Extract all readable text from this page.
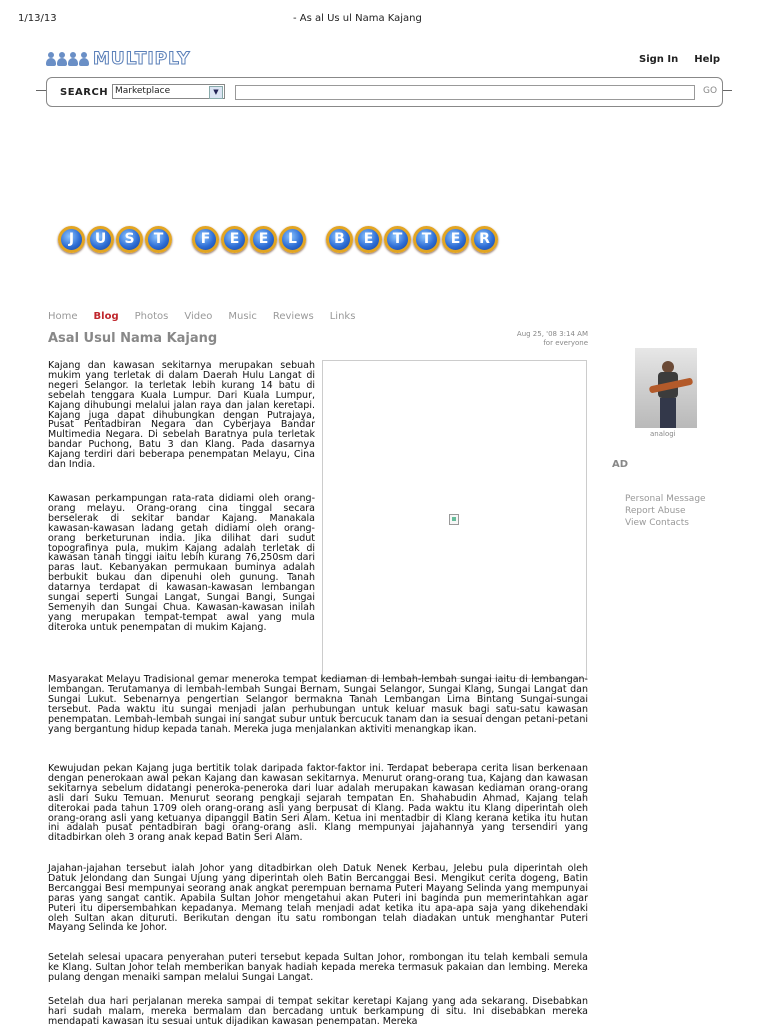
1/13/13	- As al Us ul Nama Kajang
MULTIPLY	Sign In Help
SEARCH Marketplace	▼	GO
J	U	S	T	F	E	E	L	B	E	T	T	E	R
Home Blog Photos Video Music Reviews Links
Asal Usul Nama Kajang	Aug 25, '08 3:14 AM
for everyone

Kajang dan kawasan sekitarnya merupakan sebuah mukim yang terletak di dalam Daerah Hulu Langat di negeri Selangor. Ia terletak lebih kurang 14 batu di sebelah tenggara Kuala Lumpur. Dari Kuala Lumpur, Kajang dihubungi melalui jalan raya dan jalan keretapi. Kajang juga dapat dihubungkan dengan Putrajaya, Pusat Pentadbiran Negara dan Cyberjaya Bandar Multimedia Negara. Di sebelah Baratnya pula terletak bandar Puchong, Batu 3 dan Klang. Pada dasarnya Kajang terdiri dari beberapa penempatan Melayu, Cina dan India.

Kawasan perkampungan rata-rata didiami oleh orang-orang melayu. Orang-orang cina tinggal secara berselerak di sekitar bandar Kajang. Manakala kawasan-kawasan ladang getah didiami oleh orang-orang berketurunan india. Jika dilihat dari sudut topografinya pula, mukim Kajang adalah terletak di kawasan tanah tinggi iaitu lebih kurang 76,250sm dari paras laut. Kebanyakan permukaan buminya adalah berbukit bukau dan dipenuhi oleh gunung. Tanah datarnya terdapat di kawasan-kawasan lembangan sungai seperti Sungai Langat, Sungai Bangi, Sungai Semenyih dan Sungai Chua. Kawasan-kawasan inilah yang merupakan tempat-tempat awal yang mula diteroka untuk penempatan di mukim Kajang.

Masyarakat Melayu Tradisional gemar meneroka tempat kediaman di lembah-lembah sungai iaitu di lembangan-lembangan. Terutamanya di lembah-lembah Sungai Bernam, Sungai Selangor, Sungai Klang, Sungai Langat dan Sungai Lukut. Sebenarnya pengertian Selangor bermakna Tanah Lembangan Lima Bintang Sungai-sungai tersebut. Pada waktu itu sungai menjadi jalan perhubungan untuk keluar masuk bagi satu-satu kawasan penempatan. Lembah-lembah sungai ini sangat subur untuk bercucuk tanam dan ia sesuai dengan petani-petani yang bergantung hidup kepada tanah. Mereka juga menjalankan aktiviti menangkap ikan.

Kewujudan pekan Kajang juga bertitik tolak daripada faktor-faktor ini. Terdapat beberapa cerita lisan berkenaan dengan penerokaan awal pekan Kajang dan kawasan sekitarnya. Menurut orang-orang tua, Kajang dan kawasan sekitarnya sebelum didatangi peneroka-peneroka dari luar adalah merupakan kawasan kediaman orang-orang asli dari Suku Temuan. Menurut seorang pengkaji sejarah tempatan En. Shahabudin Ahmad, Kajang telah diterokai pada tahun 1709 oleh orang-orang asli yang berpusat di Klang. Pada waktu itu Klang diperintah oleh orang-orang asli yang ketuanya dipanggil Batin Seri Alam. Ketua ini mentadbir di Klang kerana ketika itu hutan ini adalah pusat pentadbiran bagi orang-orang asli. Klang mempunyai jajahannya yang tersendiri yang ditadbirkan oleh 3 orang anak kepad Batin Seri Alam.

Jajahan-jajahan tersebut ialah Johor yang ditadbirkan oleh Datuk Nenek Kerbau, Jelebu pula diperintah oleh Datuk Jelondang dan Sungai Ujung yang diperintah oleh Batin Bercanggai Besi. Mengikut cerita dogeng, Batin Bercanggai Besi mempunyai seorang anak angkat perempuan bernama Puteri Mayang Selinda yang mempunyai paras yang sangat cantik. Apabila Sultan Johor mengetahui akan Puteri ini baginda pun memerintahkan agar Puteri itu dipersembahkan kepadanya. Memang telah menjadi adat ketika itu apa-apa saja yang dikehendaki oleh Sultan akan dituruti. Berikutan dengan itu satu rombongan telah diadakan untuk menghantar Puteri Mayang Selinda ke Johor.

Setelah selesai upacara penyerahan puteri tersebut kepada Sultan Johor, rombongan itu telah kembali semula ke Klang. Sultan Johor telah memberikan banyak hadiah kepada mereka termasuk pakaian dan lembing. Mereka pulang dengan menaiki sampan melalui Sungai Langat.

Setelah dua hari perjalanan mereka sampai di tempat sekitar keretapi Kajang yang ada sekarang. Disebabkan hari sudah malam, mereka bermalam dan bercadang untuk berkampung di situ. Ini disebabkan mereka mendapati kawasan itu sesuai untuk dijadikan kawasan penempatan. Mereka

analogi
AD
Personal Message
Report Abuse
View Contacts
